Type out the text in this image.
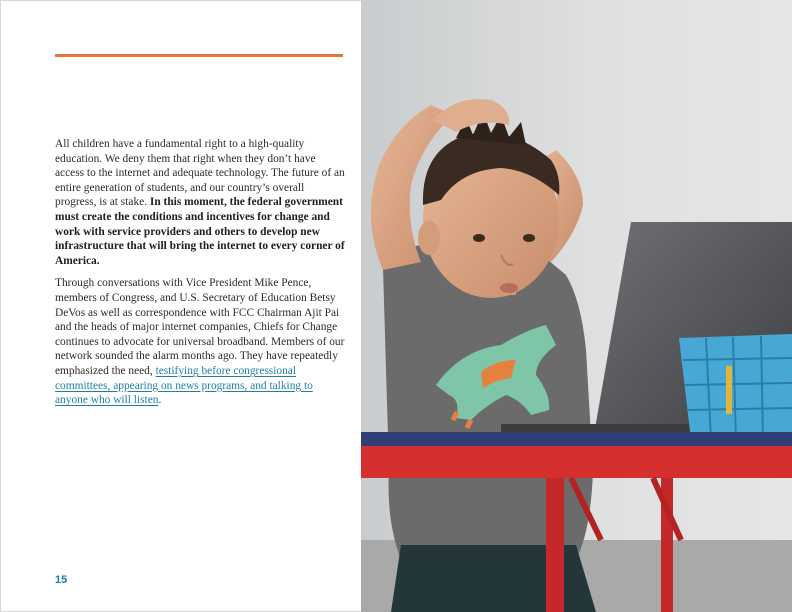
All children have a fundamental right to a high-quality education. We deny them that right when they don’t have access to the internet and adequate technology. The future of an entire generation of students, and our country’s overall progress, is at stake. In this moment, the federal government must create the conditions and incentives for change and work with service providers and others to develop new infrastructure that will bring the internet to every corner of America.

Through conversations with Vice President Mike Pence, members of Congress, and U.S. Secretary of Education Betsy DeVos as well as correspondence with FCC Chairman Ajit Pai and the heads of major internet companies, Chiefs for Change continues to advocate for universal broadband. Members of our network sounded the alarm months ago. They have repeatedly emphasized the need, testifying before congressional committees, appearing on news programs, and talking to anyone who will listen.

15
